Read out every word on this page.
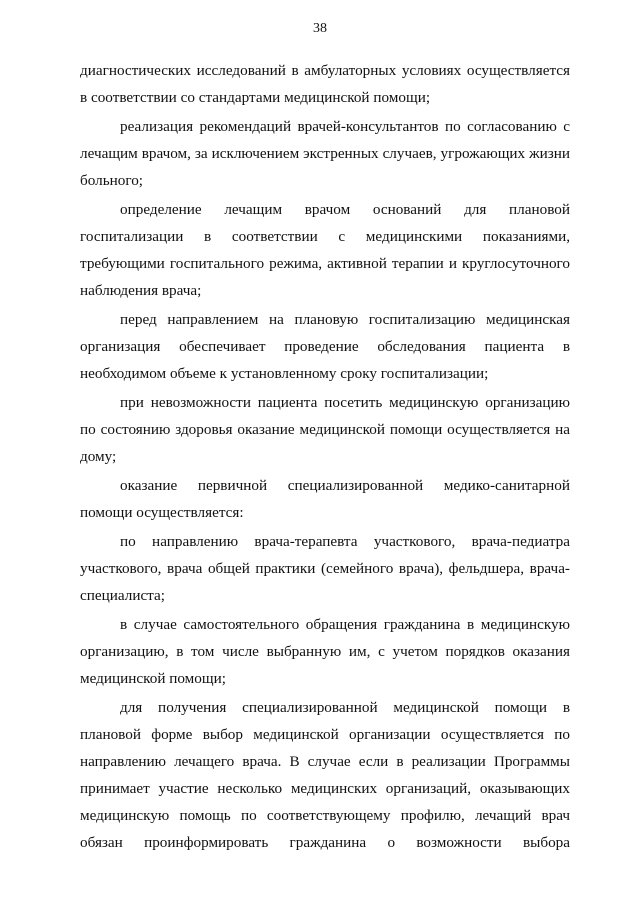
38
диагностических исследований в амбулаторных условиях осуществляется
в соответствии со стандартами медицинской помощи;
реализация рекомендаций врачей-консультантов по согласованию с
лечащим врачом, за исключением экстренных случаев, угрожающих жизни
больного;
определение лечащим врачом оснований для плановой
госпитализации в соответствии с медицинскими показаниями,
требующими госпитального режима, активной терапии и круглосуточного
наблюдения врача;
перед направлением на плановую госпитализацию медицинская
организация обеспечивает проведение обследования пациента в
необходимом объеме к установленному сроку госпитализации;
при невозможности пациента посетить медицинскую организацию
по состоянию здоровья оказание медицинской помощи осуществляется на
дому;
оказание первичной специализированной медико-санитарной
помощи осуществляется:
по направлению врача-терапевта участкового, врача-педиатра
участкового, врача общей практики (семейного врача), фельдшера, врача-
специалиста;
в случае самостоятельного обращения гражданина в медицинскую
организацию, в том числе выбранную им, с учетом порядков оказания
медицинской помощи;
для получения специализированной медицинской помощи в
плановой форме выбор медицинской организации осуществляется по
направлению лечащего врача. В случае если в реализации Программы
принимает участие несколько медицинских организаций, оказывающих
медицинскую помощь по соответствующему профилю, лечащий врач
обязан проинформировать гражданина о возможности выбора
